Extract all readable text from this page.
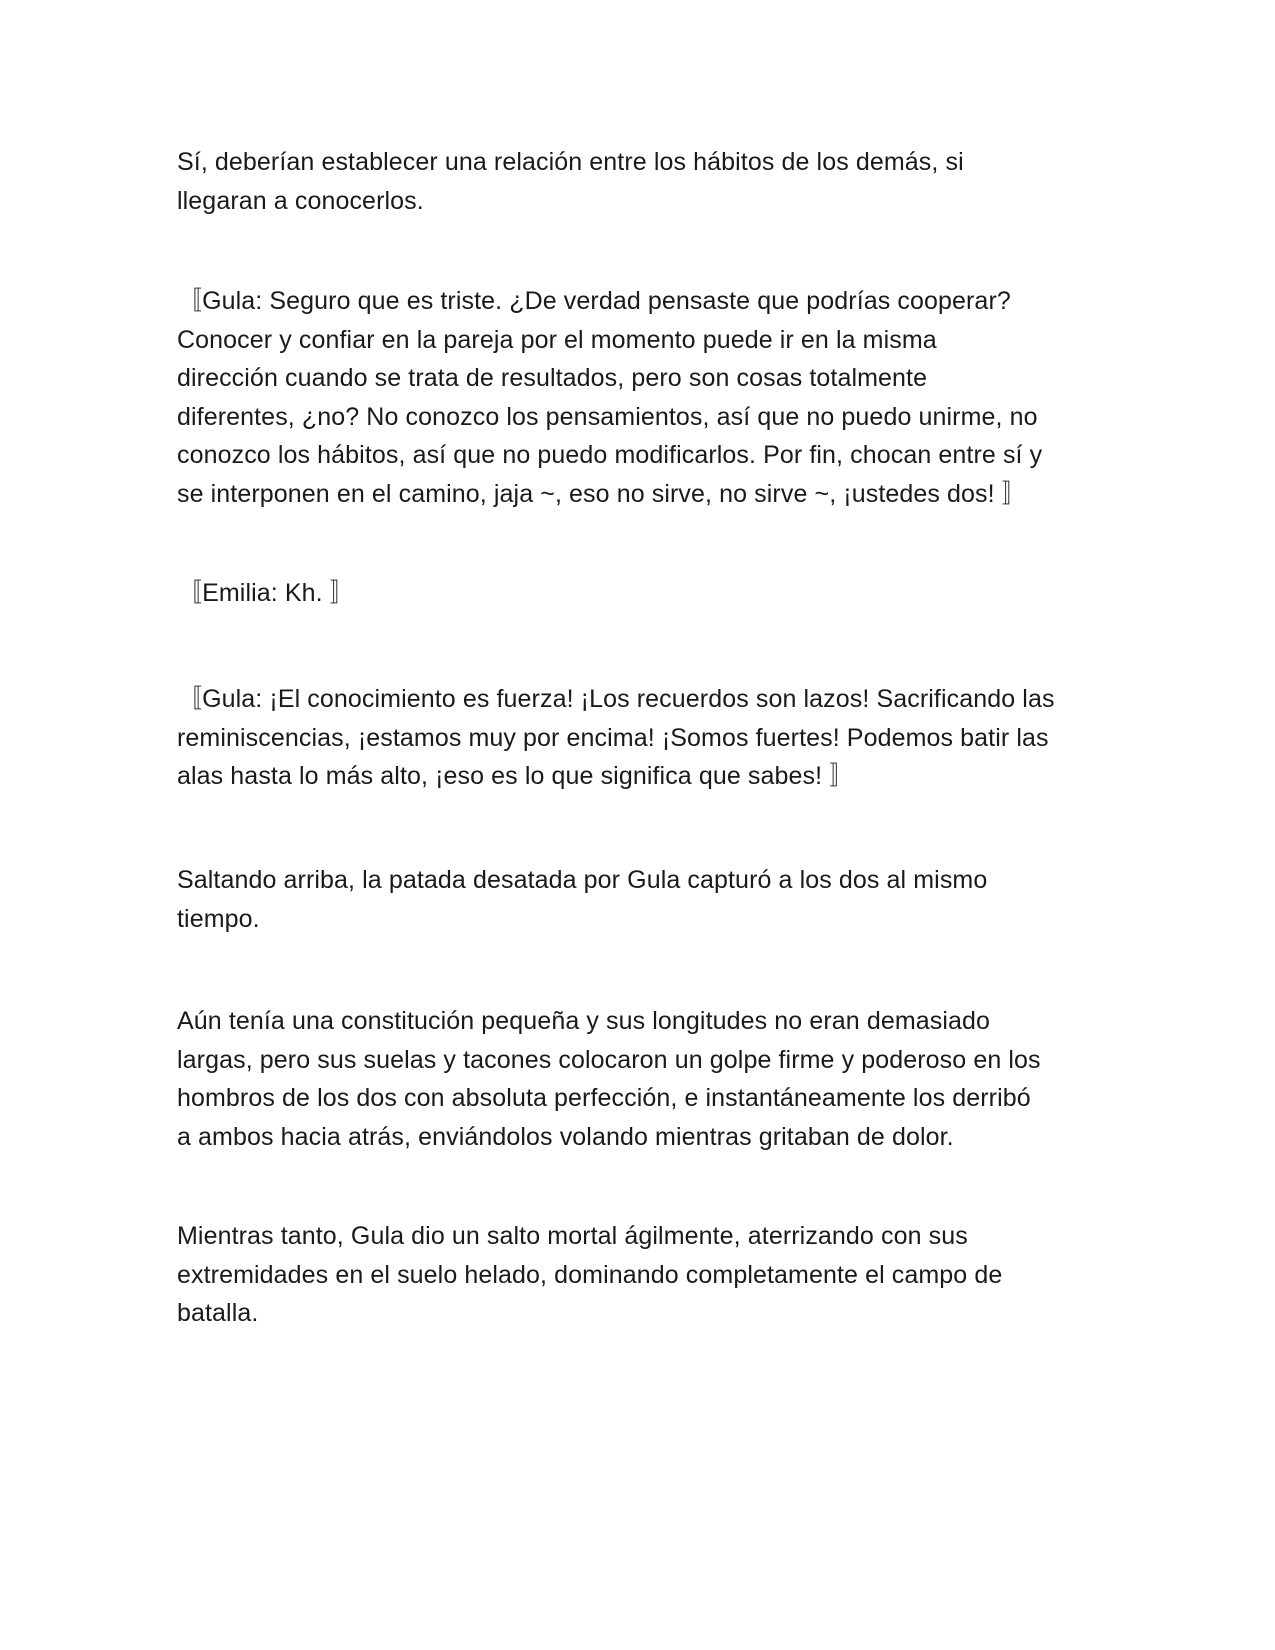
Sí, deberían establecer una relación entre los hábitos de los demás, si
llegaran a conocerlos.

〚Gula: Seguro que es triste. ¿De verdad pensaste que podrías cooperar?
Conocer y confiar en la pareja por el momento puede ir en la misma
dirección cuando se trata de resultados, pero son cosas totalmente
diferentes, ¿no? No conozco los pensamientos, así que no puedo unirme, no
conozco los hábitos, así que no puedo modificarlos. Por fin, chocan entre sí y
se interponen en el camino, jaja ~, eso no sirve, no sirve ~, ¡ustedes dos! 〛

〚Emilia: Kh. 〛

〚Gula: ¡El conocimiento es fuerza! ¡Los recuerdos son lazos! Sacrificando las
reminiscencias, ¡estamos muy por encima! ¡Somos fuertes! Podemos batir las
alas hasta lo más alto, ¡eso es lo que significa que sabes! 〛

Saltando arriba, la patada desatada por Gula capturó a los dos al mismo
tiempo.

Aún tenía una constitución pequeña y sus longitudes no eran demasiado
largas, pero sus suelas y tacones colocaron un golpe firme y poderoso en los
hombros de los dos con absoluta perfección, e instantáneamente los derribó
a ambos hacia atrás, enviándolos volando mientras gritaban de dolor.

Mientras tanto, Gula dio un salto mortal ágilmente, aterrizando con sus
extremidades en el suelo helado, dominando completamente el campo de
batalla.
